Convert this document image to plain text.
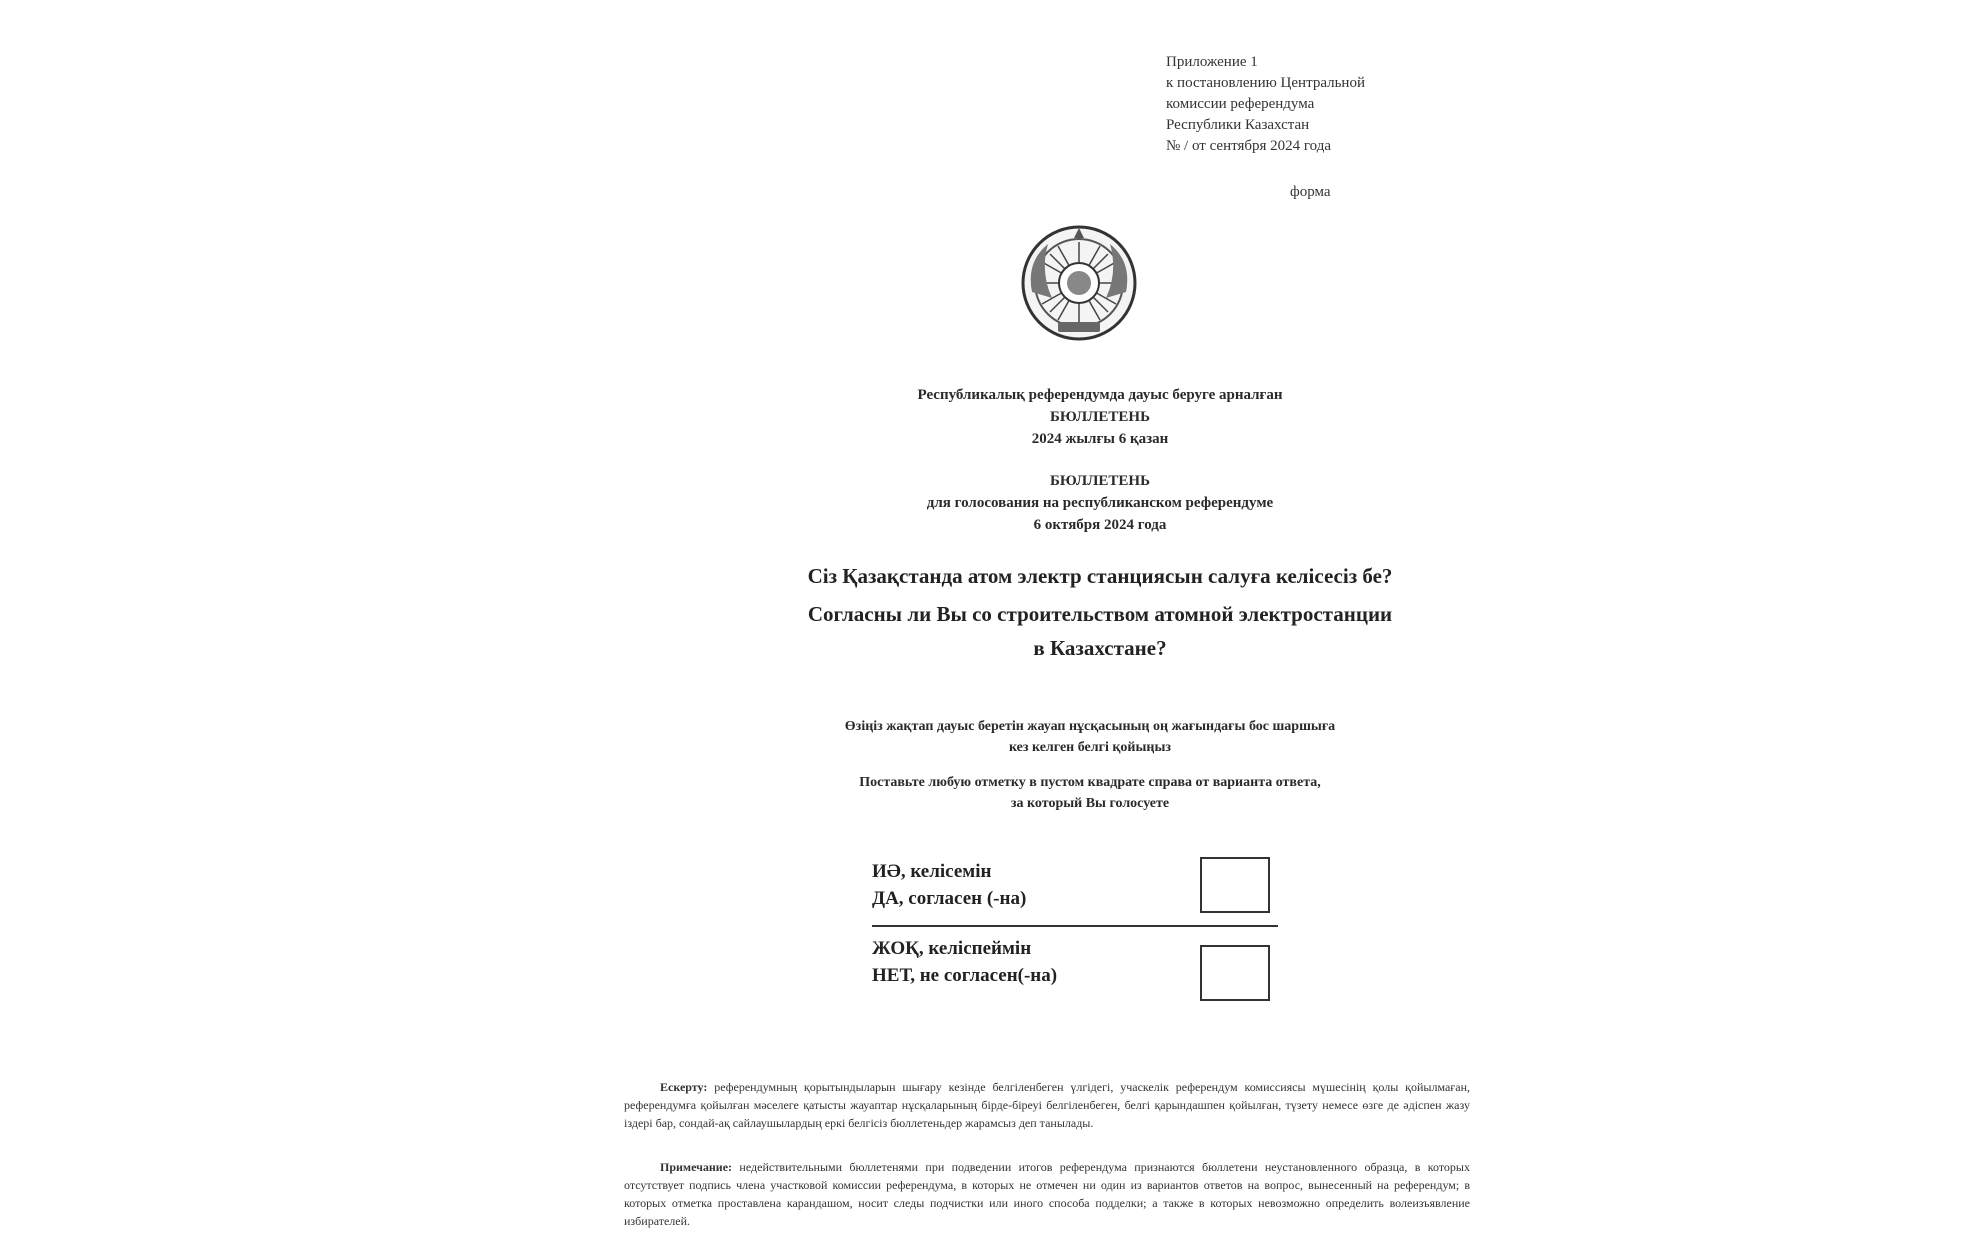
Приложение 1
к постановлению Центральной
комиссии референдума
Республики Казахстан
№ / от сентября 2024 года
форма
Республикалық референдумда дауыс беруге арналған
БЮЛЛЕТЕНЬ
2024 жылғы 6 қазан
БЮЛЛЕТЕНЬ
для голосования на республиканском референдуме
6 октября 2024 года
Сіз Қазақстанда атом электр станциясын салуға келісесіз бе?
Согласны ли Вы со строительством атомной электростанции
в Казахстане?
Өзіңіз жақтап дауыс беретін жауап нұсқасының оң жағындағы бос шаршыға
кез келген белгі қойыңыз
Поставьте любую отметку в пустом квадрате справа от варианта ответа,
за который Вы голосуете
ИӘ, келісемін
ДА, согласен (-на)
ЖОҚ, келіспеймін
НЕТ, не согласен(-на)
Ескерту: референдумның қорытындыларын шығару кезінде белгіленбеген үлгідегі, учаскелік референдум комиссиясы мүшесінің қолы қойылмаған, референдумға қойылған мәселеге қатысты жауаптар нұсқаларының бірде-біреуі белгіленбеген, белгі қарындашпен қойылған, түзету немесе өзге де әдіспен жазу іздері бар, сондай-ақ сайлаушылардың еркі белгісіз бюллетеньдер жарамсыз деп танылады.
Примечание: недействительными бюллетенями при подведении итогов референдума признаются бюллетени неустановленного образца, в которых отсутствует подпись члена участковой комиссии референдума, в которых не отмечен ни один из вариантов ответов на вопрос, вынесенный на референдум; в которых отметка проставлена карандашом, носит следы подчистки или иного способа подделки; а также в которых невозможно определить волеизъявление избирателей.
